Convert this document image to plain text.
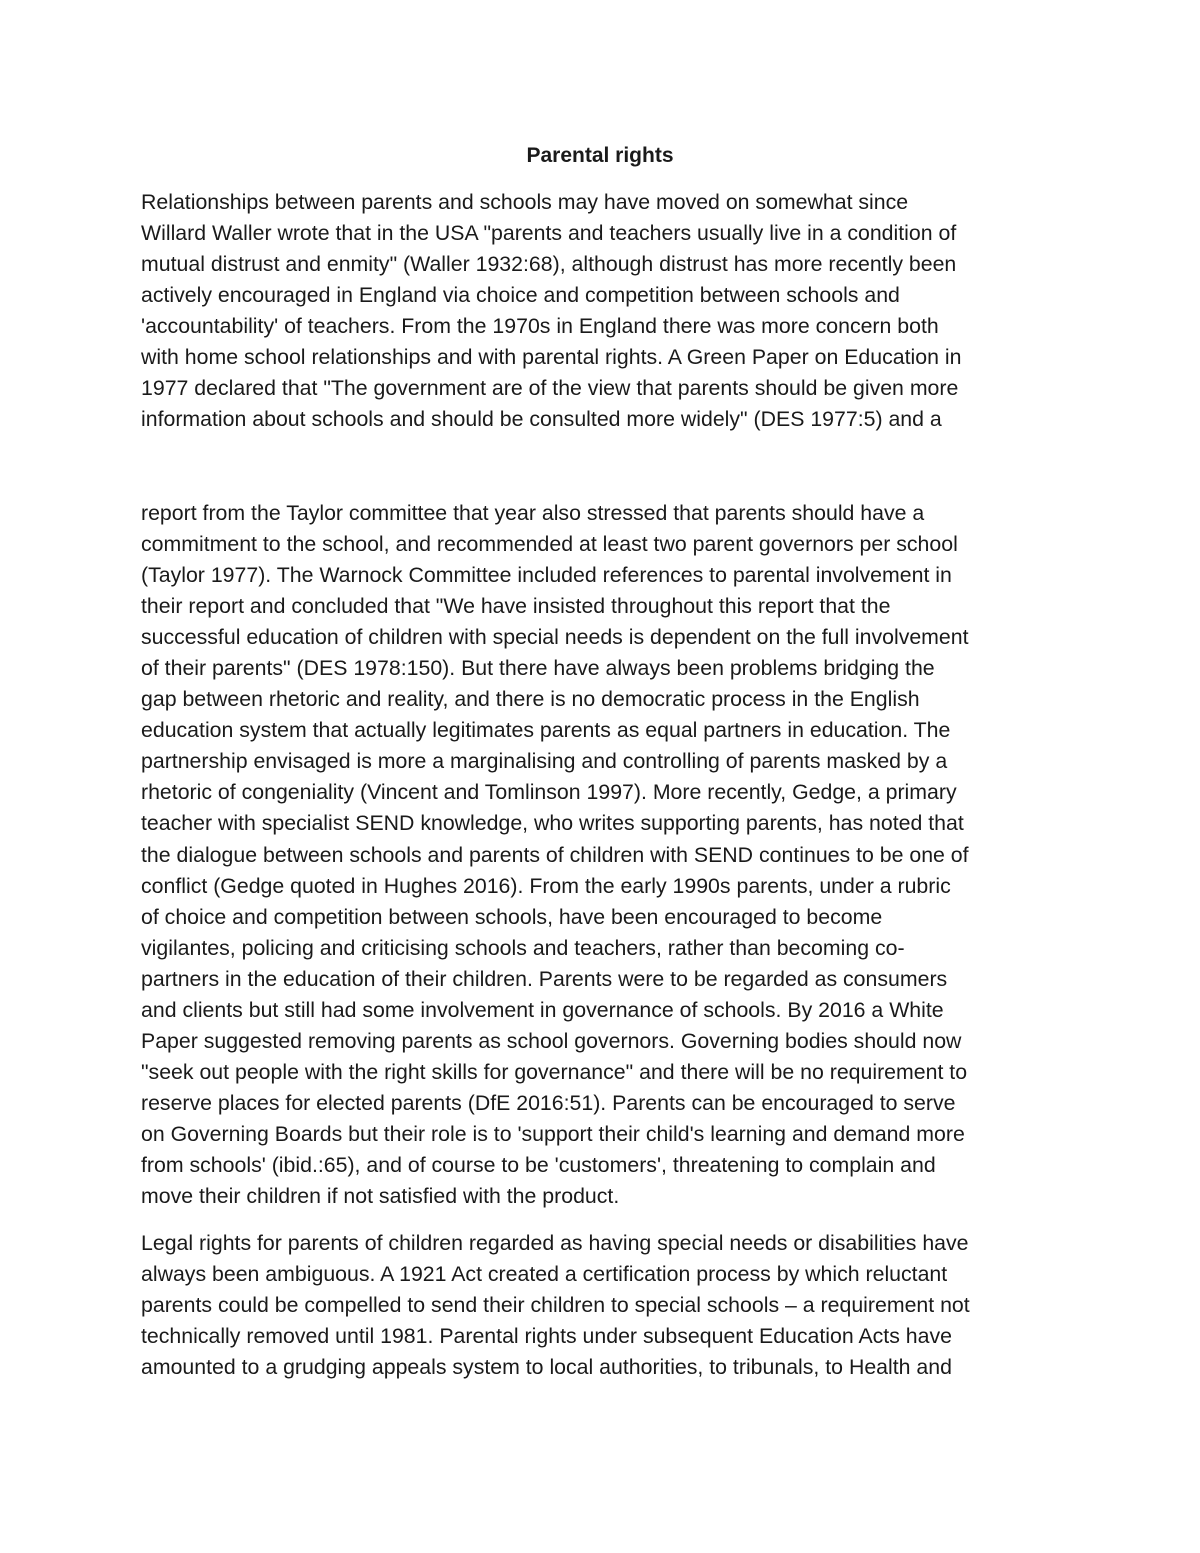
Parental rights

Relationships between parents and schools may have moved on somewhat since
Willard Waller wrote that in the USA "parents and teachers usually live in a condition of
mutual distrust and enmity" (Waller 1932:68), although distrust has more recently been
actively encouraged in England via choice and competition between schools and
'accountability' of teachers. From the 1970s in England there was more concern both
with home school relationships and with parental rights. A Green Paper on Education in
1977 declared that "The government are of the view that parents should be given more
information about schools and should be consulted more widely" (DES 1977:5) and a

report from the Taylor committee that year also stressed that parents should have a
commitment to the school, and recommended at least two parent governors per school
(Taylor 1977). The Warnock Committee included references to parental involvement in
their report and concluded that "We have insisted throughout this report that the
successful education of children with special needs is dependent on the full involvement
of their parents" (DES 1978:150). But there have always been problems bridging the
gap between rhetoric and reality, and there is no democratic process in the English
education system that actually legitimates parents as equal partners in education. The
partnership envisaged is more a marginalising and controlling of parents masked by a
rhetoric of congeniality (Vincent and Tomlinson 1997). More recently, Gedge, a primary
teacher with specialist SEND knowledge, who writes supporting parents, has noted that
the dialogue between schools and parents of children with SEND continues to be one of
conflict (Gedge quoted in Hughes 2016). From the early 1990s parents, under a rubric
of choice and competition between schools, have been encouraged to become
vigilantes, policing and criticising schools and teachers, rather than becoming co-
partners in the education of their children. Parents were to be regarded as consumers
and clients but still had some involvement in governance of schools. By 2016 a White
Paper suggested removing parents as school governors. Governing bodies should now
"seek out people with the right skills for governance" and there will be no requirement to
reserve places for elected parents (DfE 2016:51). Parents can be encouraged to serve
on Governing Boards but their role is to 'support their child's learning and demand more
from schools' (ibid.:65), and of course to be 'customers', threatening to complain and
move their children if not satisfied with the product.

Legal rights for parents of children regarded as having special needs or disabilities have
always been ambiguous. A 1921 Act created a certification process by which reluctant
parents could be compelled to send their children to special schools – a requirement not
technically removed until 1981. Parental rights under subsequent Education Acts have
amounted to a grudging appeals system to local authorities, to tribunals, to Health and
